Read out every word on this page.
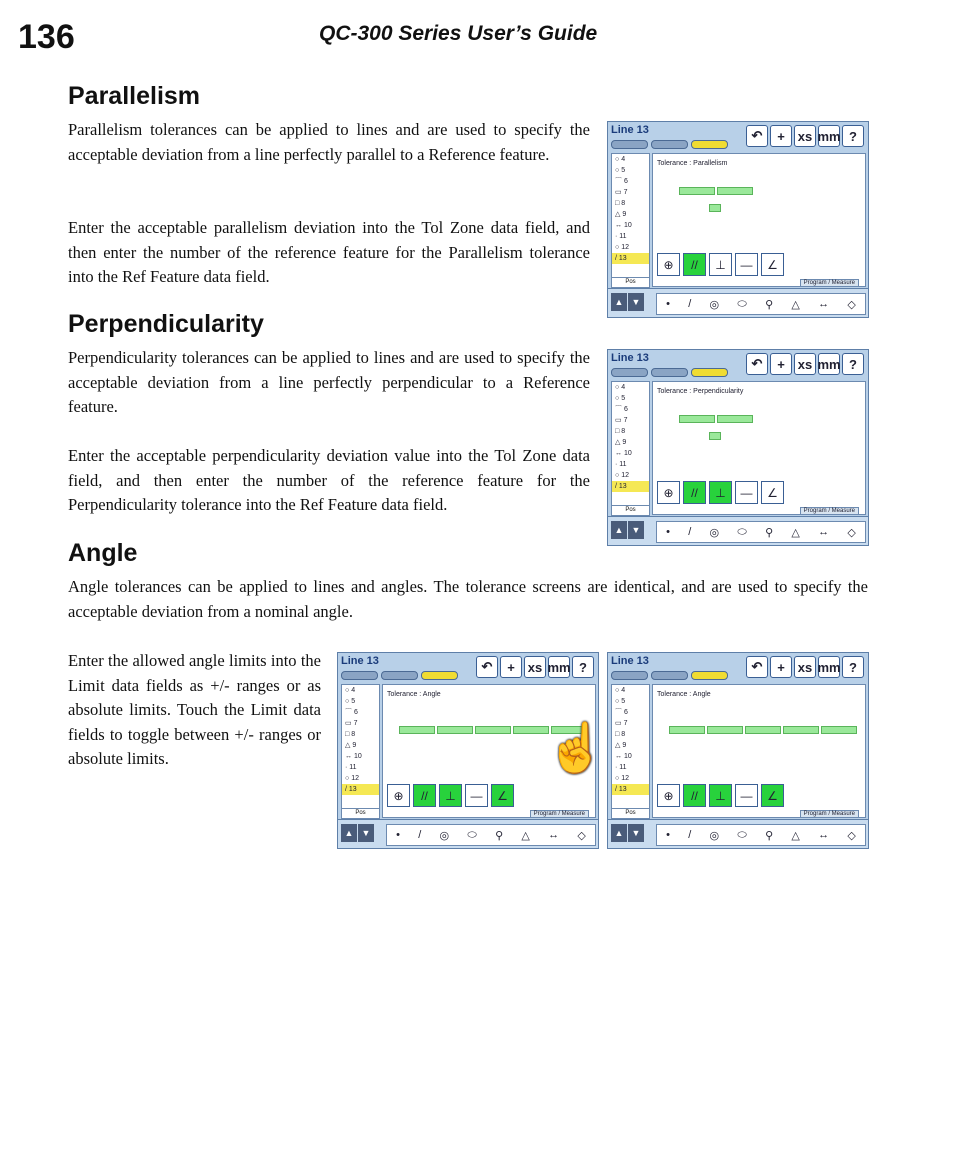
136	QC-300 Series User’s Guide
Parallelism

Parallelism tolerances can be applied to lines and are used to specify the acceptable deviation from a line perfectly parallel to a Reference feature.

Enter the acceptable parallelism deviation into the Tol Zone data field, and then enter the number of the reference feature for the Parallelism tolerance into the Ref Feature data field.

Line 13	↶	+ xs mm ?
○ 4
○ 5
⌒ 6
▭ 7
□ 8
△ 9
↔ 10
· 11
○ 12
/ 13
Pos
Tolerance : Parallelism
⊕	//	⊥	—	∠
Program / Measure
▲ ▼	• / ◎ ⬭ ⚲ △ ↔ ◇
Perpendicularity

Perpendicularity tolerances can be applied to lines and are used to specify the acceptable deviation from a line perfectly perpendicular to a Reference feature.

Enter the acceptable perpendicularity deviation value into the Tol Zone data field, and then enter the number of the reference feature for the Perpendicularity tolerance into the Ref Feature data field.

Line 13	↶	+ xs mm ?
○ 4
○ 5
⌒ 6
▭ 7
□ 8
△ 9
↔ 10
· 11
○ 12
/ 13
Pos
Tolerance : Perpendicularity
⊕	//	⊥	—	∠
Program / Measure
▲ ▼	• / ◎ ⬭ ⚲ △ ↔ ◇
Angle

Angle tolerances can be applied to lines and angles. The tolerance screens are identical, and are used to specify the acceptable deviation from a nominal angle.

Enter the allowed angle limits into the Limit data fields as +/- ranges or as absolute limits. Touch the Limit data fields to toggle between +/- ranges or absolute limits.

Line 13	↶	+ xs mm ?
○ 4
○ 5
⌒ 6
▭ 7
□ 8
△ 9
↔ 10
· 11
○ 12
/ 13
Pos
Tolerance : Angle
⊕	//	⊥	—	∠
Program / Measure
☝
▲ ▼	• / ◎ ⬭ ⚲ △ ↔ ◇
Line 13	↶	+ xs mm ?
○ 4
○ 5
⌒ 6
▭ 7
□ 8
△ 9
↔ 10
· 11
○ 12
/ 13
Pos
Tolerance : Angle
⊕	//	⊥	—	∠
Program / Measure
▲ ▼	• / ◎ ⬭ ⚲ △ ↔ ◇
